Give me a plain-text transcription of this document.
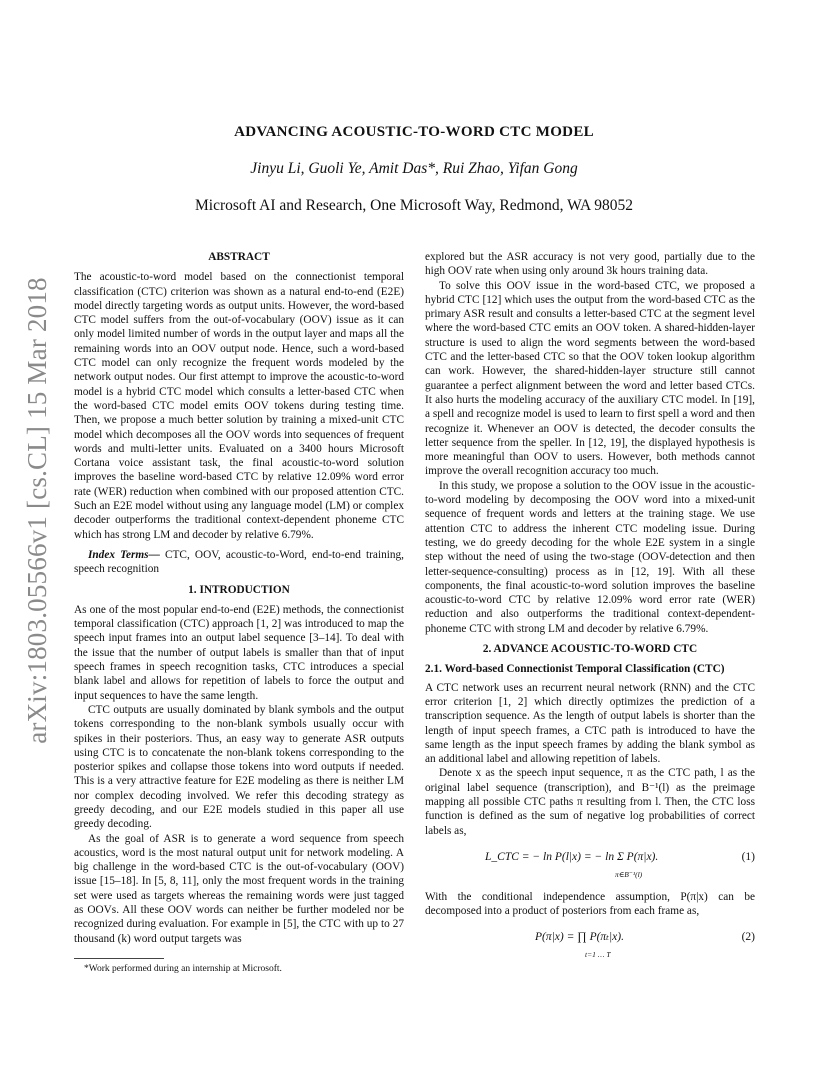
arXiv:1803.05566v1 [cs.CL] 15 Mar 2018
ADVANCING ACOUSTIC-TO-WORD CTC MODEL
Jinyu Li, Guoli Ye, Amit Das*, Rui Zhao, Yifan Gong
Microsoft AI and Research, One Microsoft Way, Redmond, WA 98052
ABSTRACT

The acoustic-to-word model based on the connectionist temporal classification (CTC) criterion was shown as a natural end-to-end (E2E) model directly targeting words as output units. However, the word-based CTC model suffers from the out-of-vocabulary (OOV) issue as it can only model limited number of words in the output layer and maps all the remaining words into an OOV output node. Hence, such a word-based CTC model can only recognize the frequent words modeled by the network output nodes. Our first attempt to improve the acoustic-to-word model is a hybrid CTC model which consults a letter-based CTC when the word-based CTC model emits OOV tokens during testing time. Then, we propose a much better solution by training a mixed-unit CTC model which decomposes all the OOV words into sequences of frequent words and multi-letter units. Evaluated on a 3400 hours Microsoft Cortana voice assistant task, the final acoustic-to-word solution improves the baseline word-based CTC by relative 12.09% word error rate (WER) reduction when combined with our proposed attention CTC. Such an E2E model without using any language model (LM) or complex decoder outperforms the traditional context-dependent phoneme CTC which has strong LM and decoder by relative 6.79%.

Index Terms— CTC, OOV, acoustic-to-Word, end-to-end training, speech recognition

1. INTRODUCTION

As one of the most popular end-to-end (E2E) methods, the connectionist temporal classification (CTC) approach [1, 2] was introduced to map the speech input frames into an output label sequence [3–14]. To deal with the issue that the number of output labels is smaller than that of input speech frames in speech recognition tasks, CTC introduces a special blank label and allows for repetition of labels to force the output and input sequences to have the same length.

CTC outputs are usually dominated by blank symbols and the output tokens corresponding to the non-blank symbols usually occur with spikes in their posteriors. Thus, an easy way to generate ASR outputs using CTC is to concatenate the non-blank tokens corresponding to the posterior spikes and collapse those tokens into word outputs if needed. This is a very attractive feature for E2E modeling as there is neither LM nor complex decoding involved. We refer this decoding strategy as greedy decoding, and our E2E models studied in this paper all use greedy decoding.

As the goal of ASR is to generate a word sequence from speech acoustics, word is the most natural output unit for network modeling. A big challenge in the word-based CTC is the out-of-vocabulary (OOV) issue [15–18]. In [5, 8, 11], only the most frequent words in the training set were used as targets whereas the remaining words were just tagged as OOVs. All these OOV words can neither be further modeled nor be recognized during evaluation. For example in [5], the CTC with up to 27 thousand (k) word output targets was

explored but the ASR accuracy is not very good, partially due to the high OOV rate when using only around 3k hours training data.

To solve this OOV issue in the word-based CTC, we proposed a hybrid CTC [12] which uses the output from the word-based CTC as the primary ASR result and consults a letter-based CTC at the segment level where the word-based CTC emits an OOV token. A shared-hidden-layer structure is used to align the word segments between the word-based CTC and the letter-based CTC so that the OOV token lookup algorithm can work. However, the shared-hidden-layer structure still cannot guarantee a perfect alignment between the word and letter based CTCs. It also hurts the modeling accuracy of the auxiliary CTC model. In [19], a spell and recognize model is used to learn to first spell a word and then recognize it. Whenever an OOV is detected, the decoder consults the letter sequence from the speller. In [12, 19], the displayed hypothesis is more meaningful than OOV to users. However, both methods cannot improve the overall recognition accuracy too much.

In this study, we propose a solution to the OOV issue in the acoustic-to-word modeling by decomposing the OOV word into a mixed-unit sequence of frequent words and letters at the training stage. We use attention CTC to address the inherent CTC modeling issue. During testing, we do greedy decoding for the whole E2E system in a single step without the need of using the two-stage (OOV-detection and then letter-sequence-consulting) process as in [12, 19]. With all these components, the final acoustic-to-word solution improves the baseline acoustic-to-word CTC by relative 12.09% word error rate (WER) reduction and also outperforms the traditional context-dependent-phoneme CTC with strong LM and decoder by relative 6.79%.

2. ADVANCE ACOUSTIC-TO-WORD CTC
2.1. Word-based Connectionist Temporal Classification (CTC)

A CTC network uses an recurrent neural network (RNN) and the CTC error criterion [1, 2] which directly optimizes the prediction of a transcription sequence. As the length of output labels is shorter than the length of input speech frames, a CTC path is introduced to have the same length as the input speech frames by adding the blank symbol as an additional label and allowing repetition of labels.

Denote x as the speech input sequence, π as the CTC path, l as the original label sequence (transcription), and B⁻¹(l) as the preimage mapping all possible CTC paths π resulting from l. Then, the CTC loss function is defined as the sum of negative log probabilities of correct labels as,

L_CTC = − ln P(l|x) = − ln Σ P(π|x).
π∈B⁻¹(l)
(1)

With the conditional independence assumption, P(π|x) can be decomposed into a product of posteriors from each frame as,

P(π|x) = ∏ P(πₜ|x).
t=1 … T
(2)
*Work performed during an internship at Microsoft.
